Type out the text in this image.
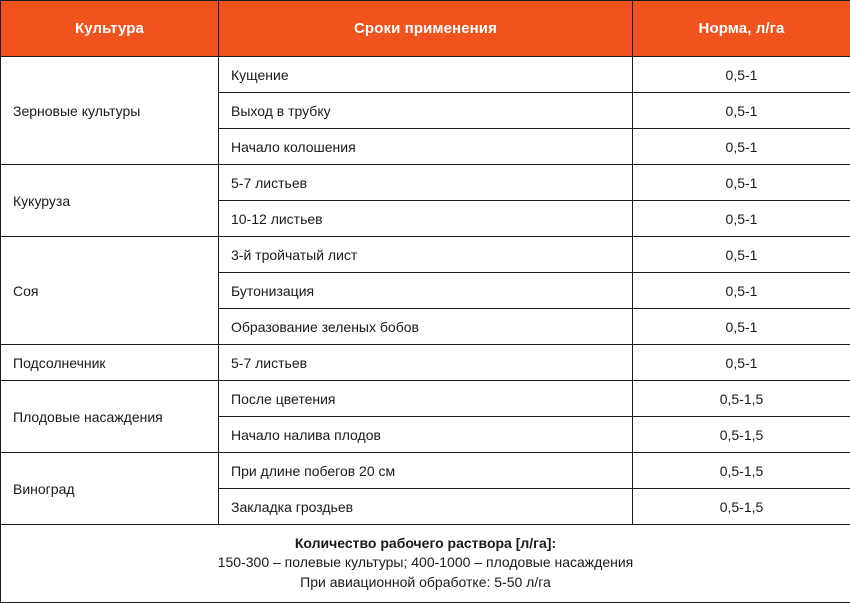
Культура	Сроки применения	Норма, л/га
Зерновые культуры	Кущение	0,5-1
	Выход в трубку	0,5-1
	Начало колошения	0,5-1
Кукуруза	5-7 листьев	0,5-1
	10-12 листьев	0,5-1
Соя	3-й тройчатый лист	0,5-1
	Бутонизация	0,5-1
	Образование зеленых бобов	0,5-1
Подсолнечник	5-7 листьев	0,5-1
Плодовые насаждения	После цветения	0,5-1,5
	Начало налива плодов	0,5-1,5
Виноград	При длине побегов 20 см	0,5-1,5
	Закладка гроздьев	0,5-1,5

Количество рабочего раствора [л/га]:
150-300 – полевые культуры; 400-1000 – плодовые насаждения
При авиационной обработке: 5-50 л/га		
